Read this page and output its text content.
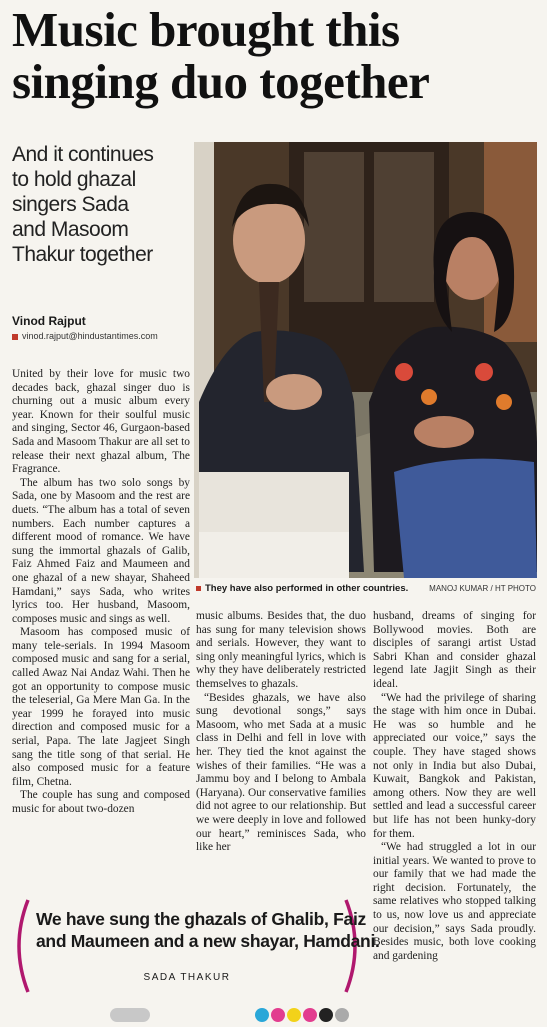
Music brought this
singing duo together
And it continues
to hold ghazal
singers Sada
and Masoom
Thakur together
Vinod Rajput
vinod.rajput@hindustantimes.com

United by their love for music two decades back, ghazal singer duo is churning out a music album every year. Known for their soulful music and singing, Sector 46, Gurgaon-based Sada and Masoom Thakur are all set to release their next ghazal album, The Fragrance.

The album has two solo songs by Sada, one by Masoom and the rest are duets. “The album has a total of seven numbers. Each number captures a different mood of romance. We have sung the immortal ghazals of Galib, Faiz Ahmed Faiz and Maumeen and one ghazal of a new shayar, Shaheed Hamdani,” says Sada, who writes lyrics too. Her husband, Masoom, composes music and sings as well.

Masoom has composed music of many tele-serials. In 1994 Masoom composed music and sang for a serial, called Awaz Nai Andaz Wahi. Then he got an opportunity to compose music the teleserial, Ga Mere Man Ga. In the year 1999 he forayed into music direction and composed music for a serial, Papa. The late Jagjeet Singh sang the title song of that serial. He also composed music for a feature film, Chetna.

The couple has sung and composed music for about two-dozen

They have also performed in other countries.	MANOJ KUMAR / HT PHOTO

music albums. Besides that, the duo has sung for many television shows and serials. However, they want to sing only meaningful lyrics, which is why they have deliberately restricted themselves to ghazals.

“Besides ghazals, we have also sung devotional songs,” says Masoom, who met Sada at a music class in Delhi and fell in love with her. They tied the knot against the wishes of their families. “He was a Jammu boy and I belong to Ambala (Haryana). Our conservative families did not agree to our relationship. But we were deeply in love and followed our heart,” reminisces Sada, who like her

husband, dreams of singing for Bollywood movies. Both are disciples of sarangi artist Ustad Sabri Khan and consider ghazal legend late Jagjit Singh as their ideal.

“We had the privilege of sharing the stage with him once in Dubai. He was so humble and he appreciated our voice,” says the couple. They have staged shows not only in India but also Dubai, Kuwait, Bangkok and Pakistan, among others. Now they are well settled and lead a successful career but life has not been hunky-dory for them.

“We had struggled a lot in our initial years. We wanted to prove to our family that we had made the right decision. Fortunately, the same relatives who stopped talking to us, now love us and appreciate our decision,” says Sada proudly. Besides music, both love cooking and gardening

We have sung the ghazals of Ghalib, Faiz
and Maumeen and a new shayar, Hamdani.
SADA THAKUR
